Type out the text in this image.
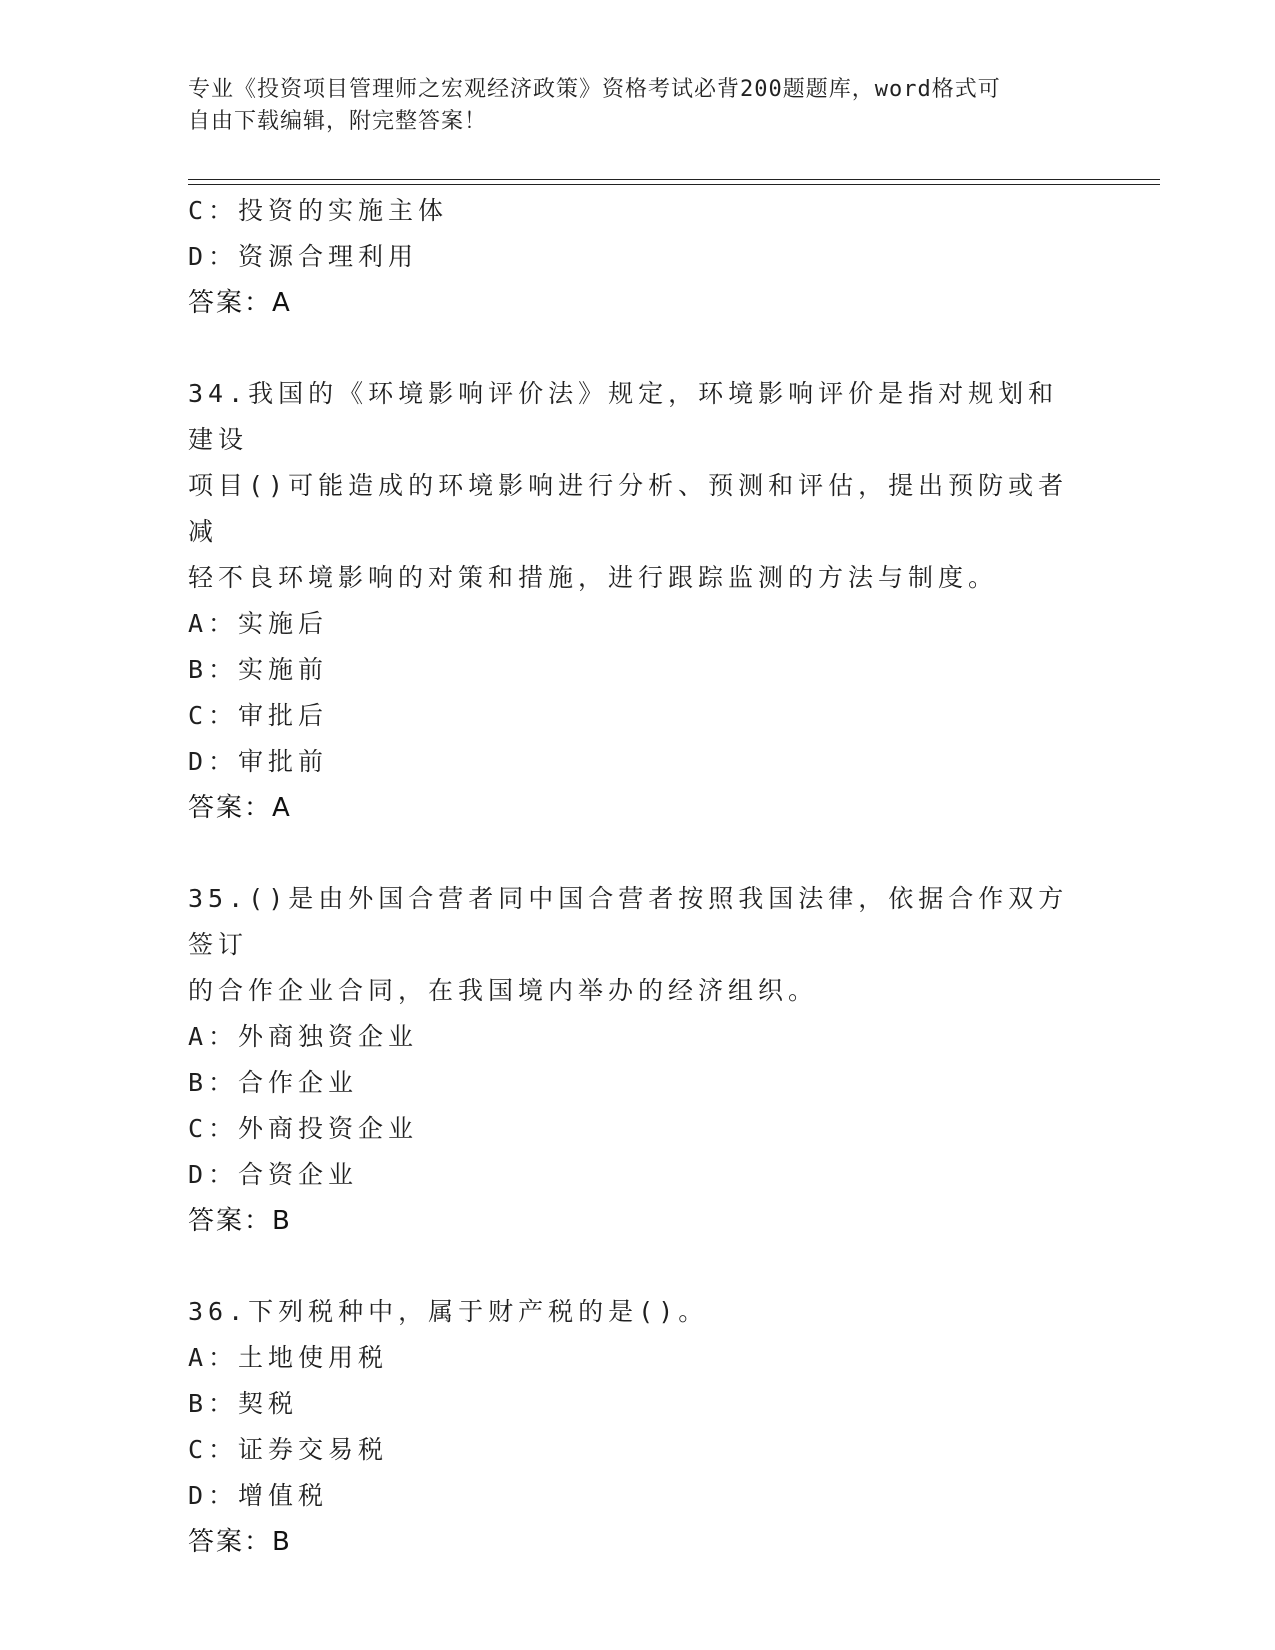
专业《投资项目管理师之宏观经济政策》资格考试必背200题题库，word格式可
自由下载编辑，附完整答案！
C：投资的实施主体
D：资源合理利用
答案：A
34.我国的《环境影响评价法》规定，环境影响评价是指对规划和建设
项目()可能造成的环境影响进行分析、预测和评估，提出预防或者减
轻不良环境影响的对策和措施，进行跟踪监测的方法与制度。
A：实施后
B：实施前
C：审批后
D：审批前
答案：A
35.()是由外国合营者同中国合营者按照我国法律，依据合作双方签订
的合作企业合同，在我国境内举办的经济组织。
A：外商独资企业
B：合作企业
C：外商投资企业
D：合资企业
答案：B
36.下列税种中，属于财产税的是()。
A：土地使用税
B：契税
C：证券交易税
D：增值税
答案：B
